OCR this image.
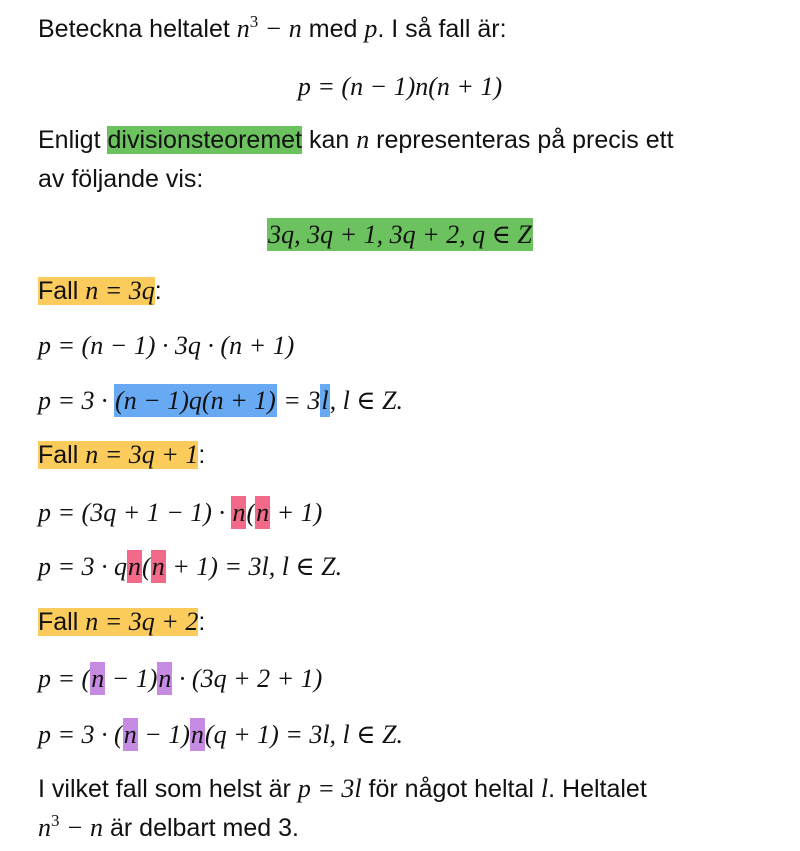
Beteckna heltalet $n^3 - n$ med p. I så fall är:
p = (n − 1)n(n + 1)
Enligt divisionsteoremet kan n representeras på precis ett
av följande vis:
3q, 3q + 1, 3q + 2, q ∈ Z
Fall n = 3q:
p = (n − 1) · 3q · (n + 1)
p = 3 · (n − 1)q(n + 1) = 3l, l ∈ Z.
Fall n = 3q + 1:
p = (3q + 1 − 1) · n(n + 1)
p = 3 · qn(n + 1) = 3l, l ∈ Z.
Fall n = 3q + 2:
p = (n − 1)n · (3q + 2 + 1)
p = 3 · (n − 1)n(q + 1) = 3l, l ∈ Z.
I vilket fall som helst är p = 3l för något heltal l. Heltalet
$n^3 - n$ är delbart med 3.
